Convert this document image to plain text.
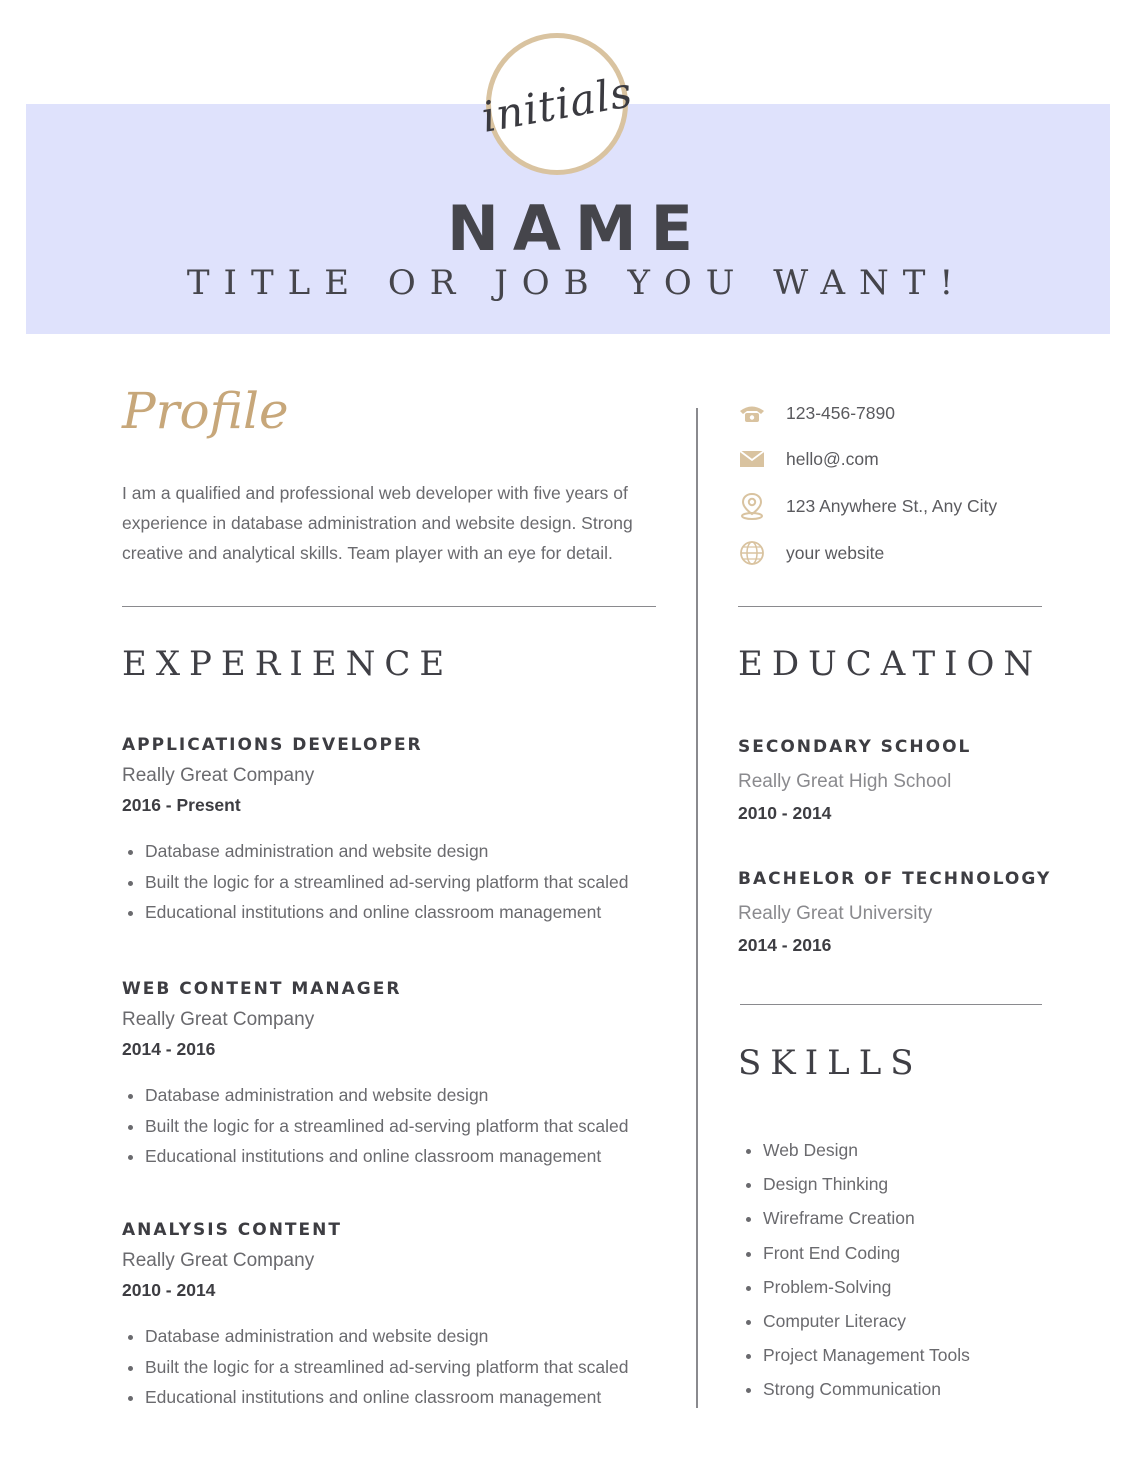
initials
NAME
TITLE OR JOB YOU WANT!
Profile
I am a qualified and professional web developer with five years of experience in database administration and website design. Strong creative and analytical skills. Team player with an eye for detail.
123-456-7890
hello@.com
123 Anywhere St., Any City
your website
EXPERIENCE
APPLICATIONS DEVELOPER
Really Great Company
2016 - Present
• Database administration and website design
• Built the logic for a streamlined ad-serving platform that scaled
• Educational institutions and online classroom management
WEB CONTENT MANAGER
Really Great Company
2014 - 2016
• Database administration and website design
• Built the logic for a streamlined ad-serving platform that scaled
• Educational institutions and online classroom management
ANALYSIS CONTENT
Really Great Company
2010 - 2014
• Database administration and website design
• Built the logic for a streamlined ad-serving platform that scaled
• Educational institutions and online classroom management
EDUCATION
SECONDARY SCHOOL
Really Great High School
2010 - 2014
BACHELOR OF TECHNOLOGY
Really Great University
2014 - 2016
SKILLS
• Web Design
• Design Thinking
• Wireframe Creation
• Front End Coding
• Problem-Solving
• Computer Literacy
• Project Management Tools
• Strong Communication
